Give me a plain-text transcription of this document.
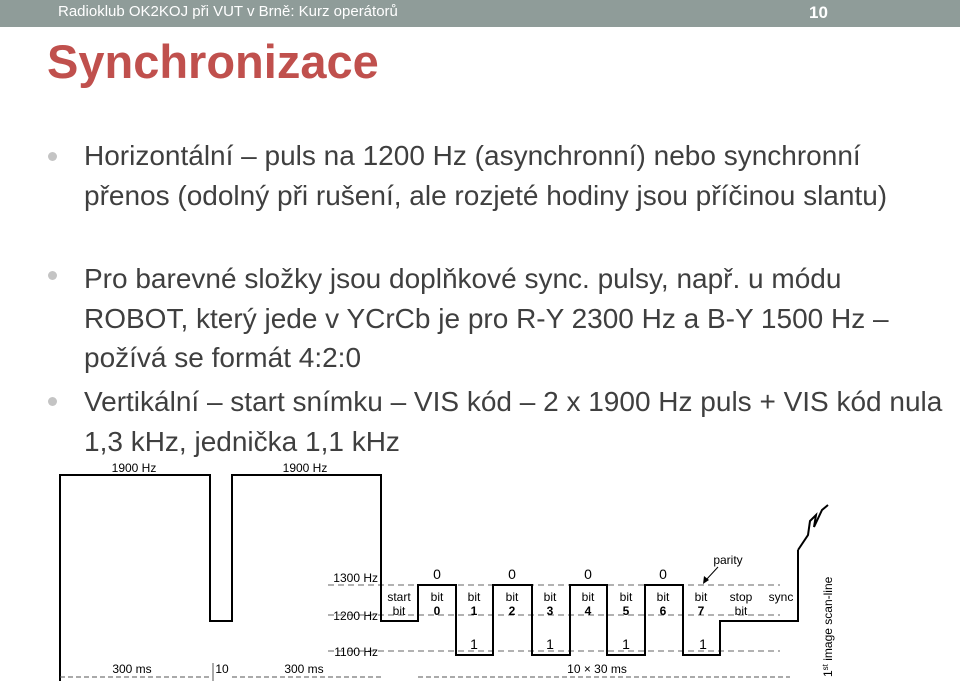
Radioklub OK2KOJ při VUT v Brně: Kurz operátorů	10
Synchronizace
Horizontální – puls na 1200 Hz (asynchronní) nebo synchronní přenos (odolný při rušení, ale rozjeté hodiny jsou příčinou slantu)
Pro barevné složky jsou doplňkové sync. pulsy, např. u módu ROBOT, který jede v YCrCb je pro R-Y 2300 Hz a B-Y 1500 Hz – požívá se formát 4:2:0
Vertikální – start snímku – VIS kód – 2 x 1900 Hz puls + VIS kód nula 1,3 kHz, jednička 1,1 kHz
1900 Hz	1900 Hz
1300 Hz
1200 Hz
1100 Hz
start
bit
bit bit bit bit bit bit bit bit
0	1	2	3	4	5	6	7
0	0	0	0
1	1	1	1
parity
stop
bit
sync
1st image scan-line
300 ms	10	300 ms	10 × 30 ms
